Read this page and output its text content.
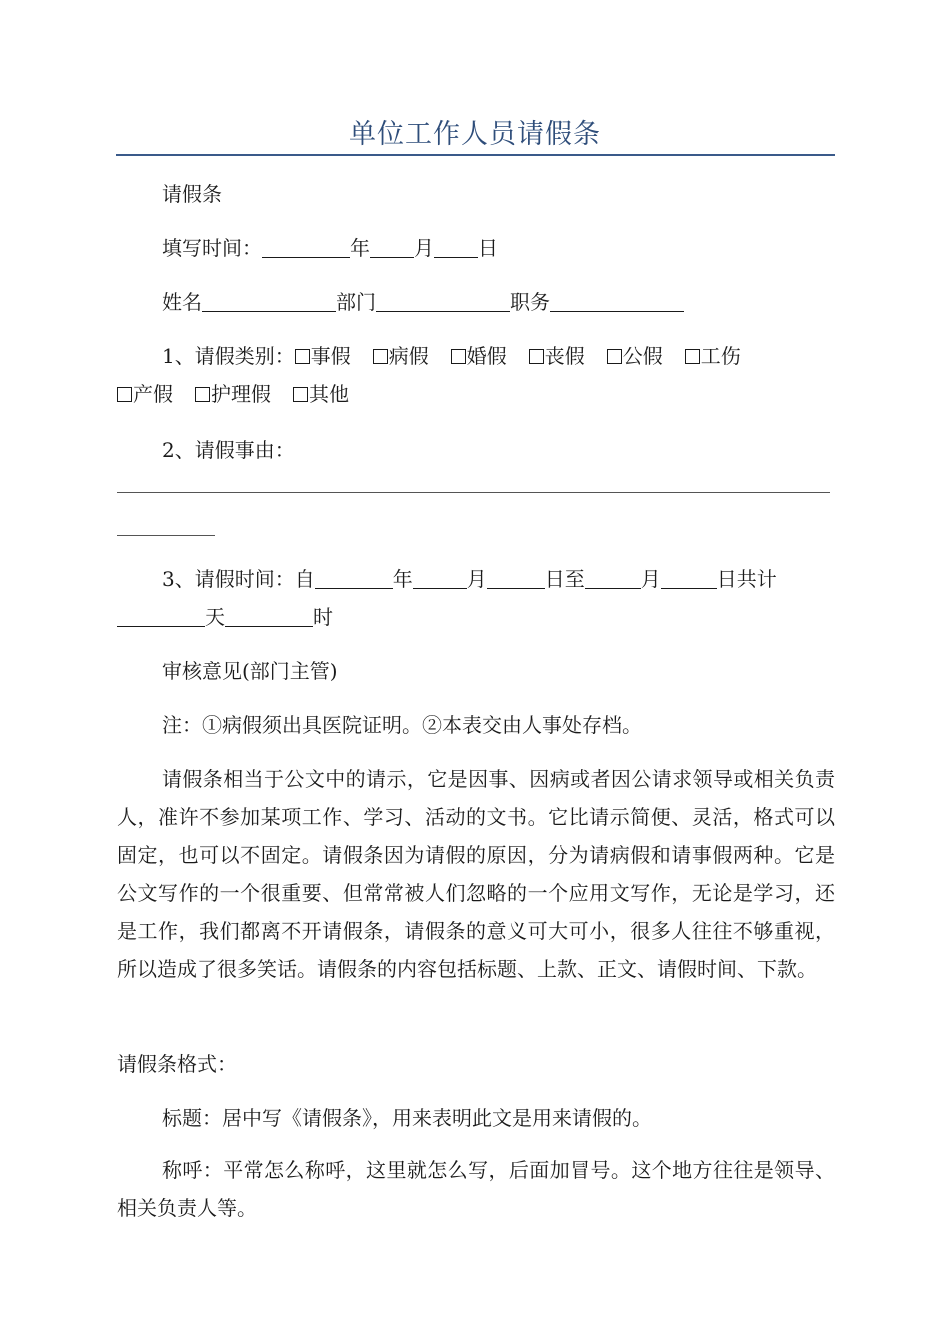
单位工作人员请假条
请假条
填写时间：	年 月 日
姓名	部门	职务
1、请假类别： 事假 病假 婚假 丧假 公假 工伤
产假 护理假 其他
2、请假事由：
3、请假时间：自	年	月	日至	月	日共计
天	时
审核意见(部门主管)
注：①病假须出具医院证明。②本表交由人事处存档。
请假条相当于公文中的请示，它是因事、因病或者因公请求领导或相关负责人，准许不参加某项工作、学习、活动的文书。它比请示简便、灵活，格式可以固定，也可以不固定。请假条因为请假的原因，分为请病假和请事假两种。它是公文写作的一个很重要、但常常被人们忽略的一个应用文写作，无论是学习，还是工作，我们都离不开请假条，请假条的意义可大可小，很多人往往不够重视，所以造成了很多笑话。请假条的内容包括标题、上款、正文、请假时间、下款。
请假条格式：
标题：居中写《请假条》，用来表明此文是用来请假的。
称呼：平常怎么称呼，这里就怎么写，后面加冒号。这个地方往往是领导、相关负责人等。
